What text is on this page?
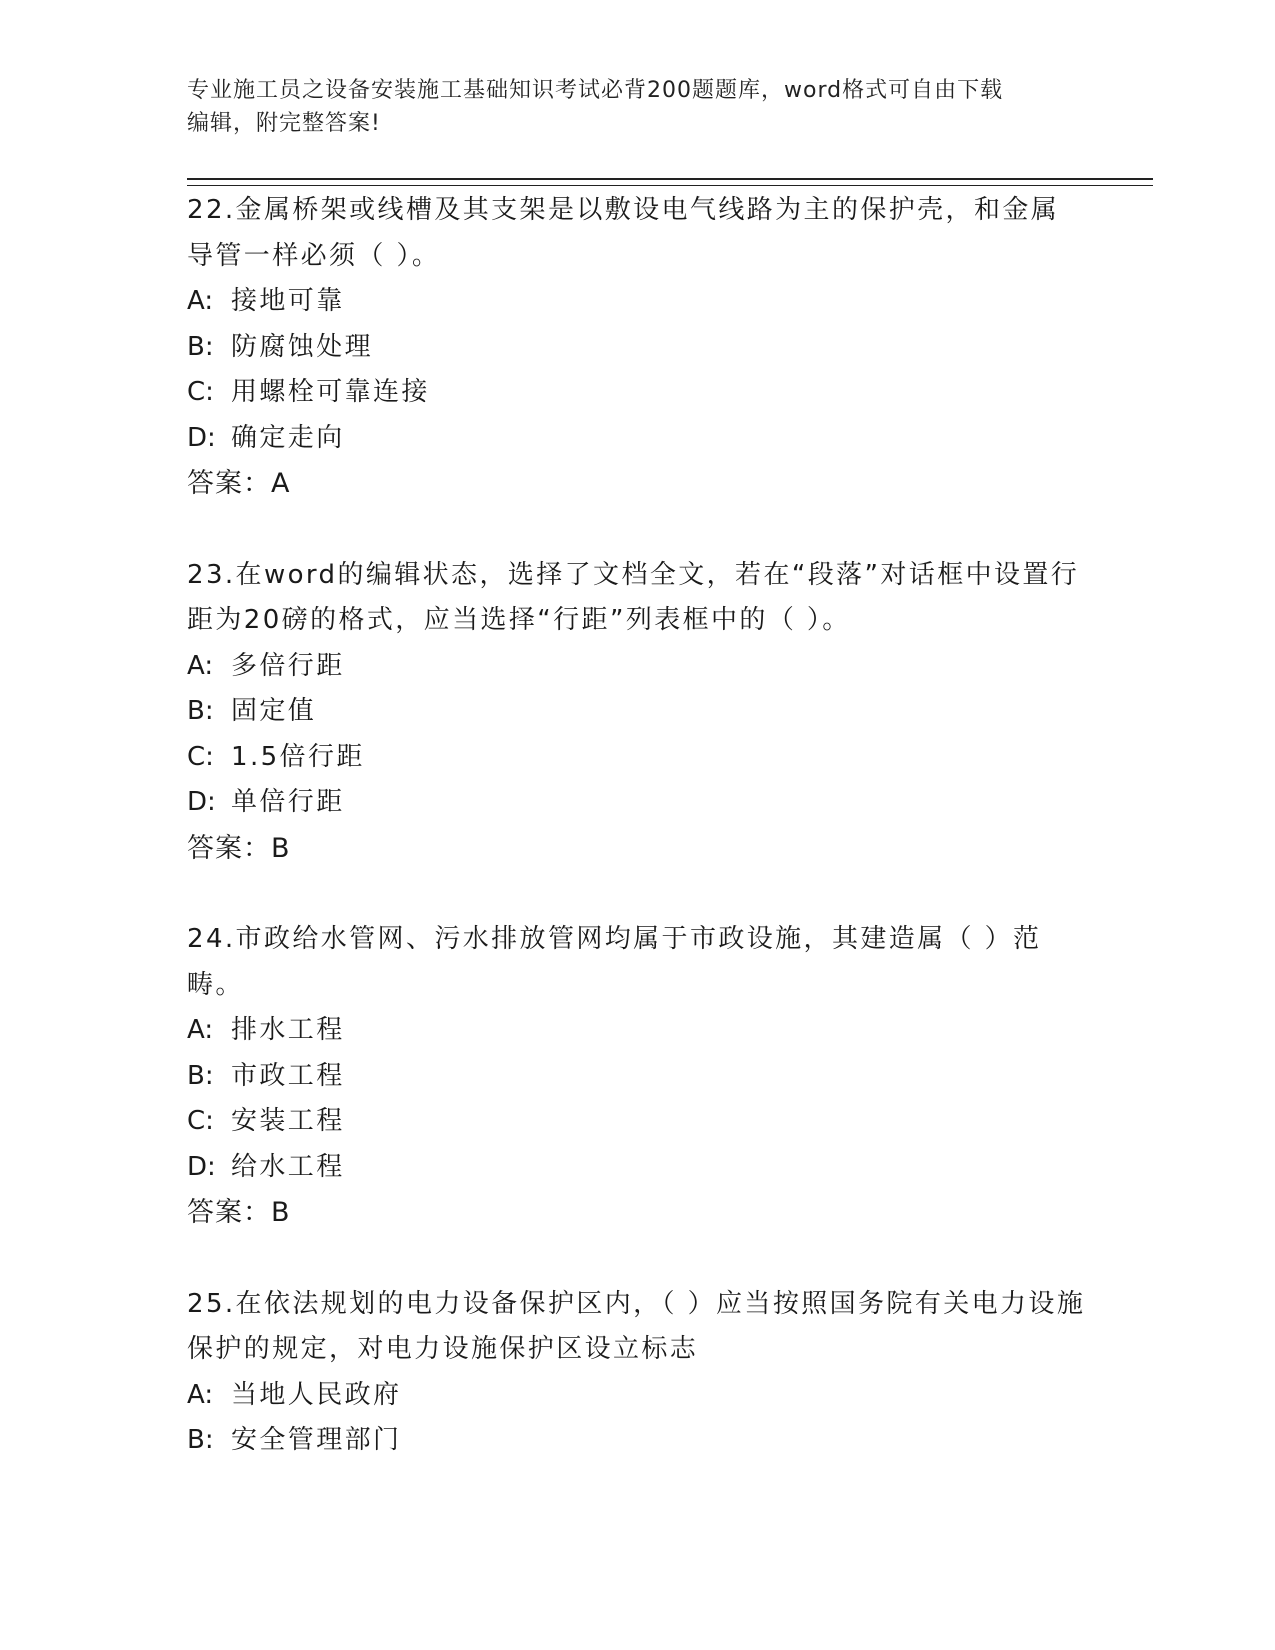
专业施工员之设备安装施工基础知识考试必背200题题库，word格式可自由下载
编辑，附完整答案!

22.金属桥架或线槽及其支架是以敷设电气线路为主的保护壳，和金属导管一样必须（ ）。

A: 接地可靠

B: 防腐蚀处理

C: 用螺栓可靠连接

D: 确定走向

答案：A

23.在word的编辑状态，选择了文档全文，若在“段落”对话框中设置行距为20磅的格式，应当选择“行距”列表框中的（ ）。

A: 多倍行距

B: 固定值

C: 1.5倍行距

D: 单倍行距

答案：B

24.市政给水管网、污水排放管网均属于市政设施，其建造属（ ）范畴。

A: 排水工程

B: 市政工程

C: 安装工程

D: 给水工程

答案：B

25.在依法规划的电力设备保护区内，（ ）应当按照国务院有关电力设施保护的规定，对电力设施保护区设立标志

A: 当地人民政府

B: 安全管理部门
